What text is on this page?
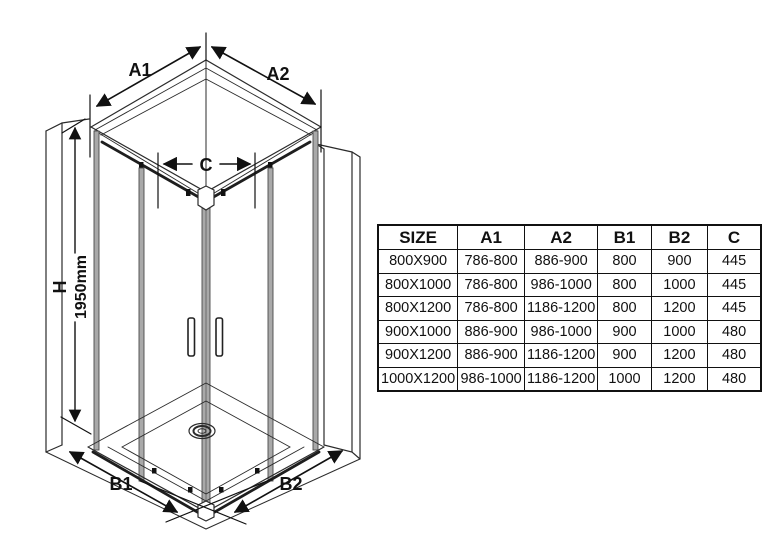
A1	A2
C
H 1950mm
B1	B2
SIZE	A1	A2	B1	B2	C
800X900	786-800	886-900	800	900	445
800X1000	786-800	986-1000	800	1000	445
800X1200	786-800	1186-1200	800	1200	445
900X1000	886-900	986-1000	900	1000	480
900X1200	886-900	1186-1200	900	1200	480
1000X1200	986-1000	1186-1200	1000	1200	480
